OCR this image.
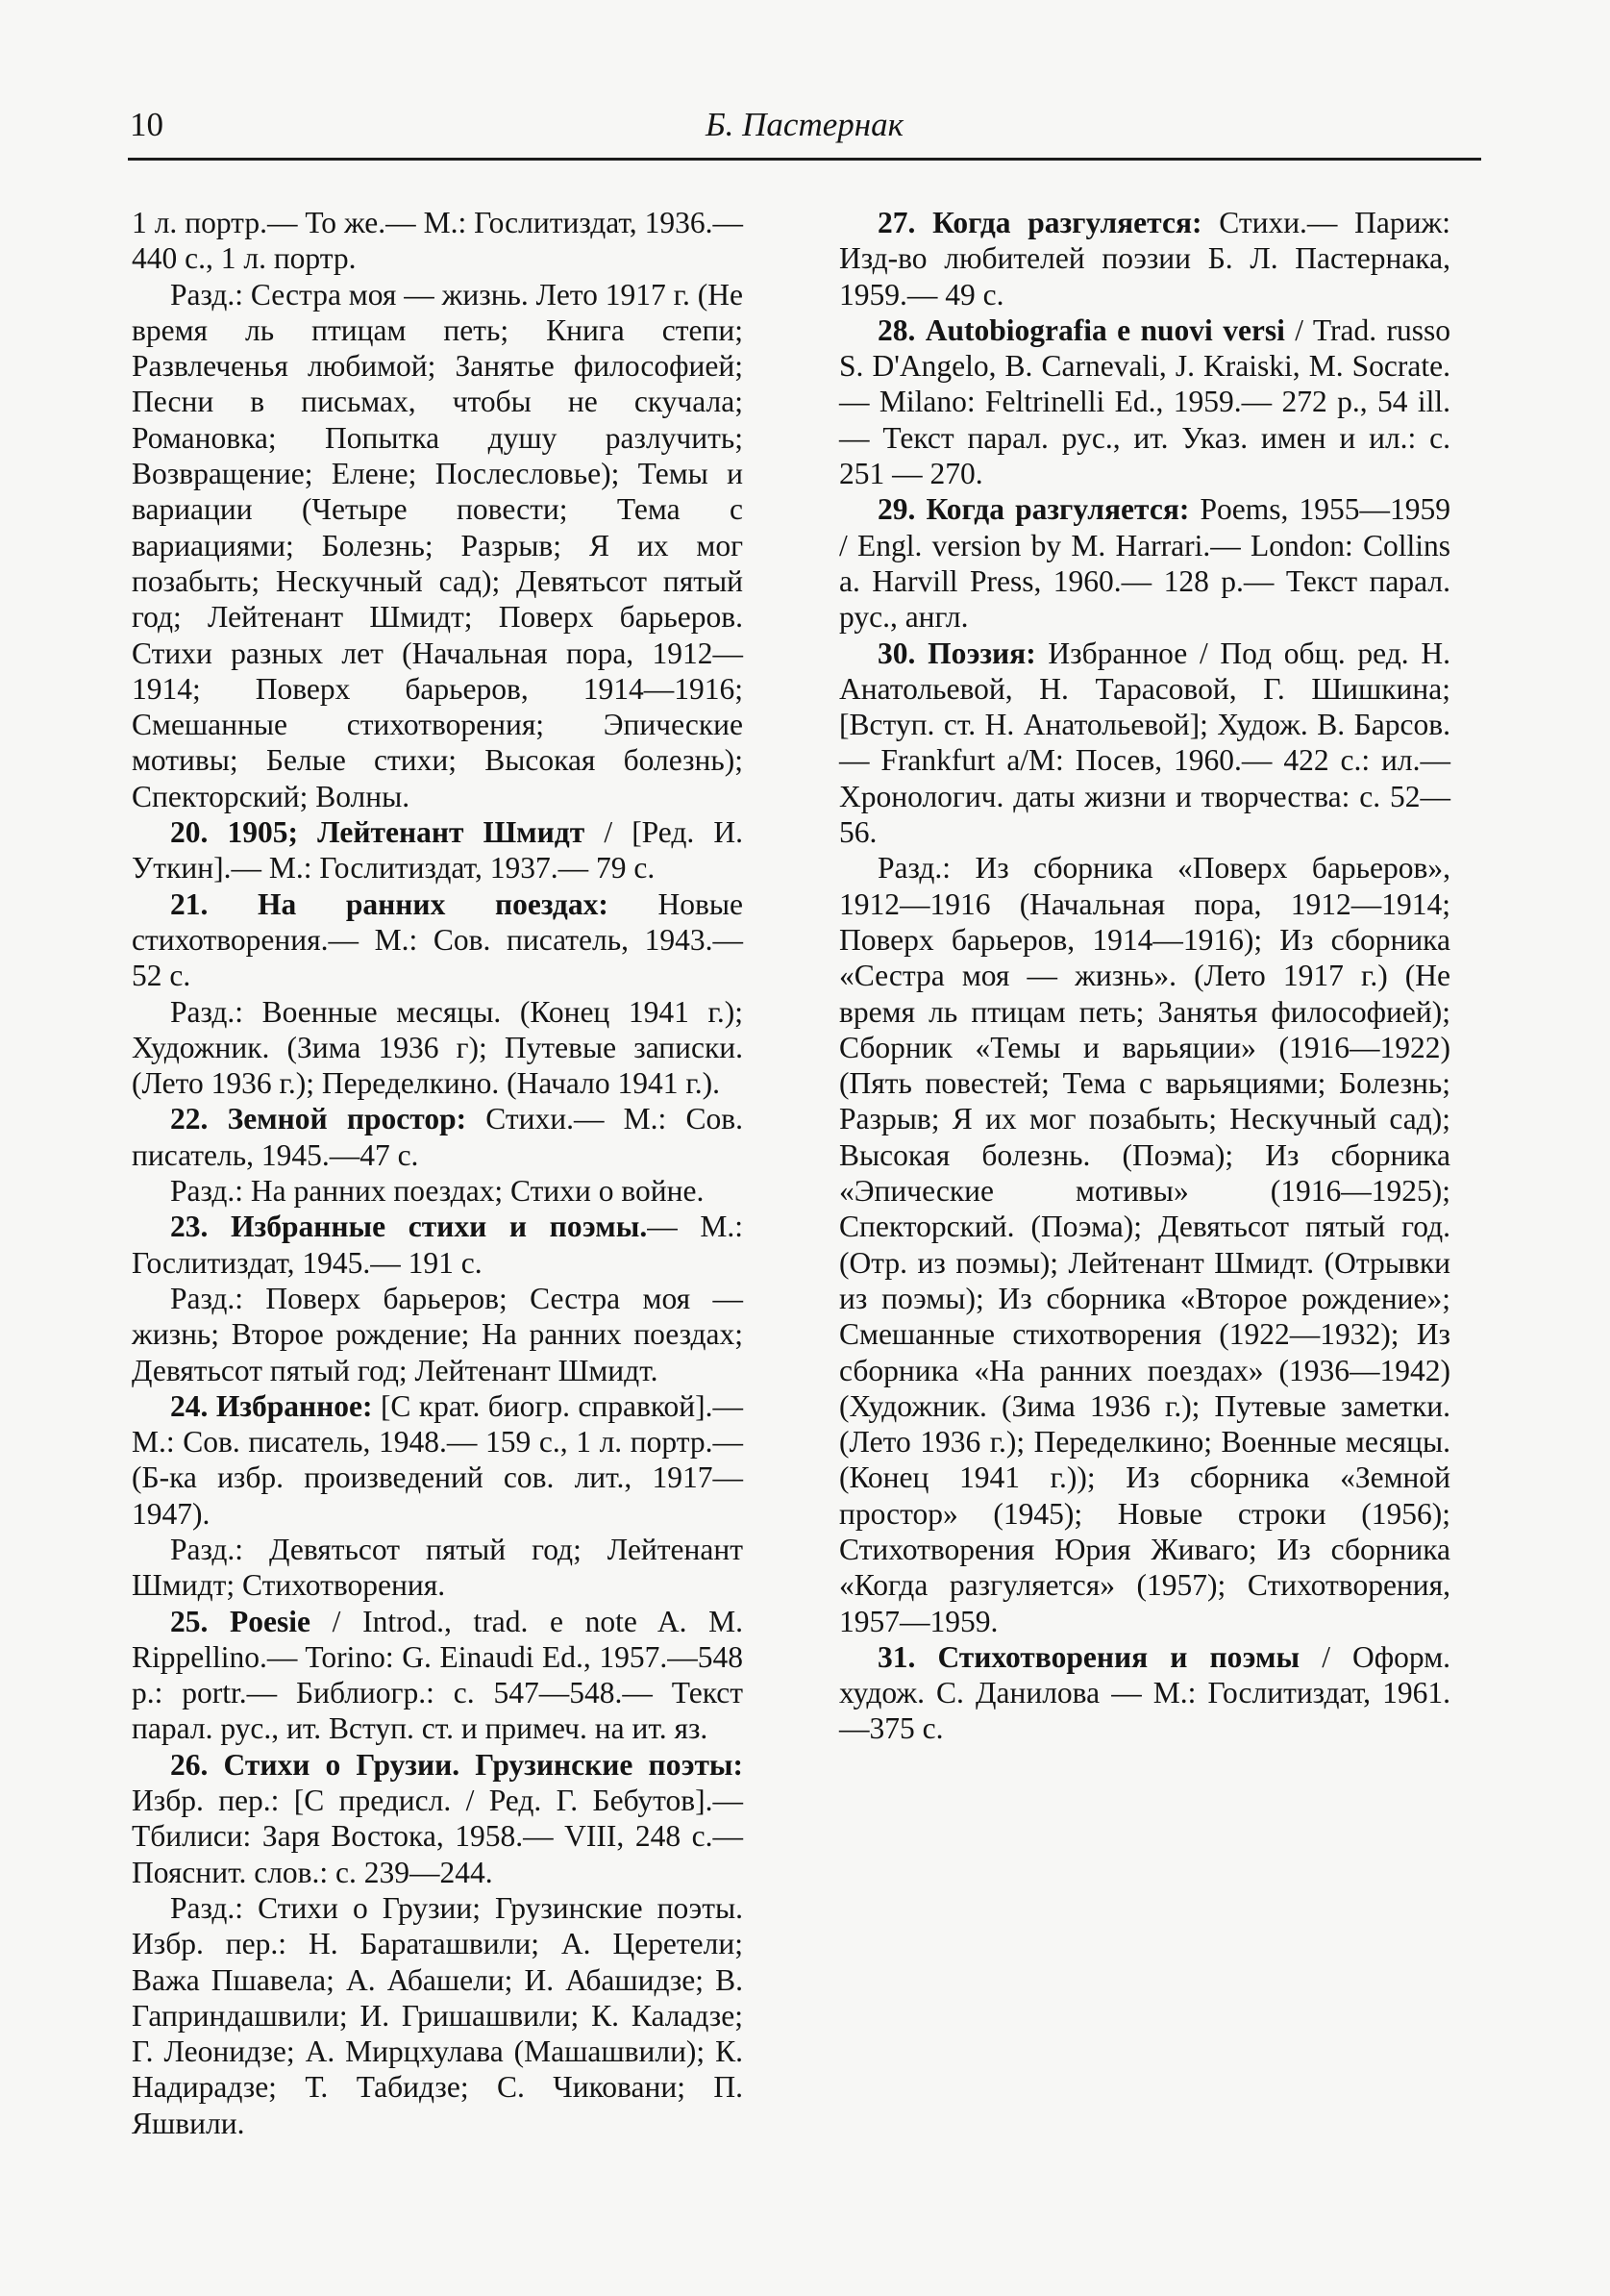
10	Б. Пастернак

1 л. портр.— То же.— М.: Гослитиздат, 1936.— 440 с., 1 л. портр.

Разд.: Сестра моя — жизнь. Лето 1917 г. (Не время ль птицам петь; Книга степи; Развлеченья любимой; Занятье философией; Песни в письмах, чтобы не скучала; Романовка; Попытка душу разлучить; Возвращение; Елене; Послесловье); Темы и вариации (Четыре повести; Тема с вариациями; Болезнь; Разрыв; Я их мог позабыть; Нескучный сад); Девятьсот пятый год; Лейтенант Шмидт; Поверх барьеров. Стихи разных лет (Начальная пора, 1912—1914; Поверх барьеров, 1914—1916; Смешанные стихотворения; Эпические мотивы; Белые стихи; Высокая болезнь); Спекторский; Волны.

20. 1905; Лейтенант Шмидт / [Ред. И. Уткин].— М.: Гослитиздат, 1937.— 79 с.

21. На ранних поездах: Новые стихотворения.— М.: Сов. писатель, 1943.— 52 с.

Разд.: Военные месяцы. (Конец 1941 г.); Художник. (Зима 1936 г); Путевые записки. (Лето 1936 г.); Переделкино. (Начало 1941 г.).

22. Земной простор: Стихи.— М.: Сов. писатель, 1945.—47 с.

Разд.: На ранних поездах; Стихи о войне.

23. Избранные стихи и поэмы.— М.: Гослитиздат, 1945.— 191 с.

Разд.: Поверх барьеров; Сестра моя — жизнь; Второе рождение; На ранних поездах; Девятьсот пятый год; Лейтенант Шмидт.

24. Избранное: [С крат. биогр. справкой].— М.: Сов. писатель, 1948.— 159 с., 1 л. портр.— (Б-ка избр. произведений сов. лит., 1917—1947).

Разд.: Девятьсот пятый год; Лейтенант Шмидт; Стихотворения.

25. Poesie / Introd., trad. e note A. M. Rippellino.— Torino: G. Einaudi Ed., 1957.—548 p.: portr.— Библиогр.: с. 547—548.— Текст парал. рус., ит. Вступ. ст. и примеч. на ит. яз.

26. Стихи о Грузии. Грузинские поэты: Избр. пер.: [С предисл. / Ред. Г. Бебутов].— Тбилиси: Заря Востока, 1958.— VIII, 248 с.— Пояснит. слов.: с. 239—244.

Разд.: Стихи о Грузии; Грузинские поэты. Избр. пер.: Н. Бараташвили; А. Церетели; Важа Пшавела; А. Абашели; И. Абашидзе; В. Гаприндашвили; И. Гришашвили; К. Каладзе; Г. Леонидзе; А. Мирцхулава (Машашвили); К. Надирадзе; Т. Табидзе; С. Чиковани; П. Яшвили.

27. Когда разгуляется: Стихи.— Париж: Изд-во любителей поэзии Б. Л. Пастернака, 1959.— 49 с.

28. Autobiografia e nuovi versi / Trad. russo S. D'Angelo, B. Carnevali, J. Kraiski, M. Socrate.— Milano: Feltrinelli Ed., 1959.— 272 p., 54 ill.— Текст парал. рус., ит. Указ. имен и ил.: с. 251 — 270.

29. Когда разгуляется: Poems, 1955—1959 / Engl. version by M. Harrari.— London: Collins a. Harvill Press, 1960.— 128 p.— Текст парал. рус., англ.

30. Поэзия: Избранное / Под общ. ред. Н. Анатольевой, Н. Тарасовой, Г. Шишкина; [Вступ. ст. Н. Анатольевой]; Худож. В. Барсов.— Frankfurt a/M: Посев, 1960.— 422 с.: ил.— Хронологич. даты жизни и творчества: с. 52—56.

Разд.: Из сборника «Поверх барьеров», 1912—1916 (Начальная пора, 1912—1914; Поверх барьеров, 1914—1916); Из сборника «Сестра моя — жизнь». (Лето 1917 г.) (Не время ль птицам петь; Занятья философией); Сборник «Темы и варьяции» (1916—1922) (Пять повестей; Тема с варьяциями; Болезнь; Разрыв; Я их мог позабыть; Нескучный сад); Высокая болезнь. (Поэма); Из сборника «Эпические мотивы» (1916—1925); Спекторский. (Поэма); Девятьсот пятый год. (Отр. из поэмы); Лейтенант Шмидт. (Отрывки из поэмы); Из сборника «Второе рождение»; Смешанные стихотворения (1922—1932); Из сборника «На ранних поездах» (1936—1942) (Художник. (Зима 1936 г.); Путевые заметки. (Лето 1936 г.); Переделкино; Военные месяцы. (Конец 1941 г.)); Из сборника «Земной простор» (1945); Новые строки (1956); Стихотворения Юрия Живаго; Из сборника «Когда разгуляется» (1957); Стихотворения, 1957—1959.

31. Стихотворения и поэмы / Оформ. худож. С. Данилова — М.: Гослитиздат, 1961.—375 с.
